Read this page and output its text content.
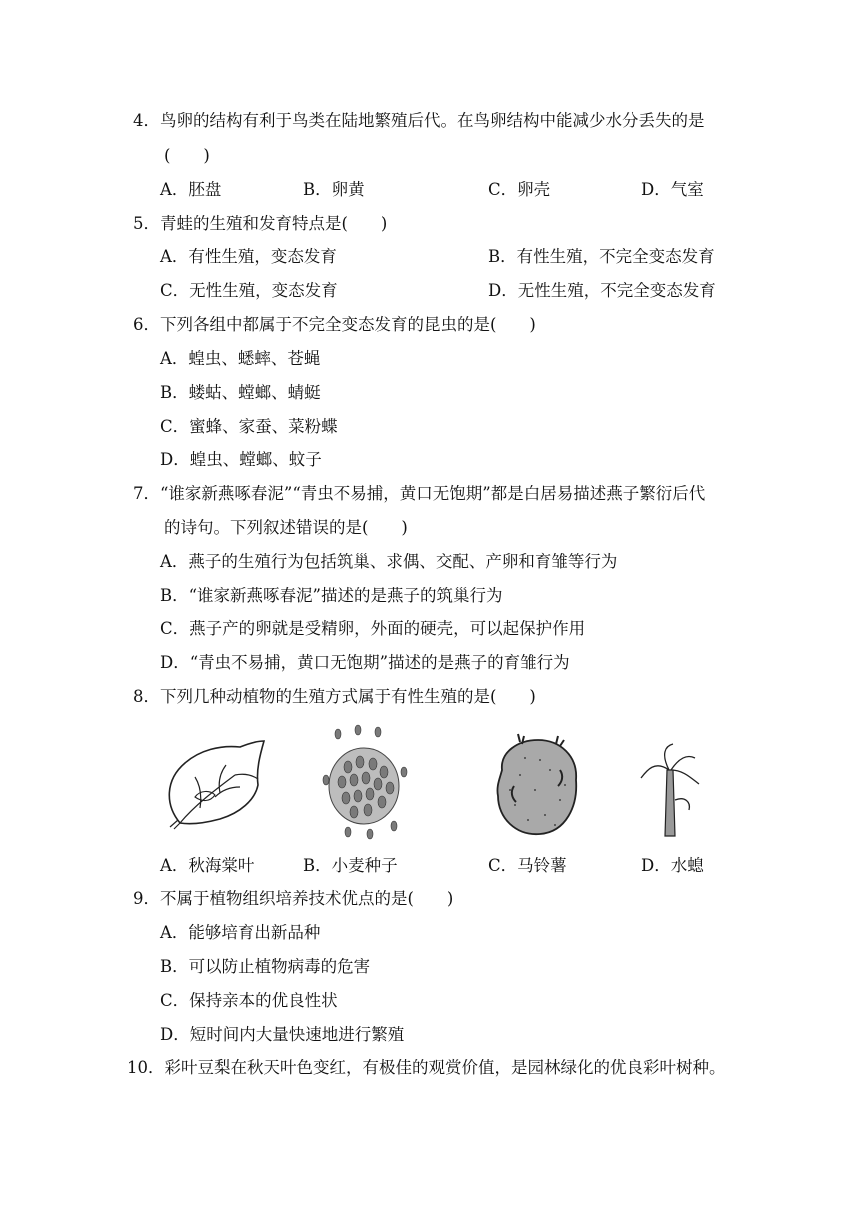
4．鸟卵的结构有利于鸟类在陆地繁殖后代。在鸟卵结构中能减少水分丢失的是
(　　)
A．胚盘	B．卵黄	C．卵壳	D．气室
5．青蛙的生殖和发育特点是(　　)
A．有性生殖，变态发育	B．有性生殖，不完全变态发育
C．无性生殖，变态发育	D．无性生殖，不完全变态发育
6．下列各组中都属于不完全变态发育的昆虫的是(　　)
A．蝗虫、蟋蟀、苍蝇
B．蝼蛄、螳螂、蜻蜓
C．蜜蜂、家蚕、菜粉蝶
D．蝗虫、螳螂、蚊子
7．“谁家新燕啄春泥”“青虫不易捕，黄口无饱期”都是白居易描述燕子繁衍后代
的诗句。下列叙述错误的是(　　)
A．燕子的生殖行为包括筑巢、求偶、交配、产卵和育雏等行为
B．“谁家新燕啄春泥”描述的是燕子的筑巢行为
C．燕子产的卵就是受精卵，外面的硬壳，可以起保护作用
D．“青虫不易捕，黄口无饱期”描述的是燕子的育雏行为
8．下列几种动植物的生殖方式属于有性生殖的是(　　)
A．秋海棠叶	B．小麦种子	C．马铃薯	D．水螅
9．不属于植物组织培养技术优点的是(　　)
A．能够培育出新品种
B．可以防止植物病毒的危害
C．保持亲本的优良性状
D．短时间内大量快速地进行繁殖
10．彩叶豆梨在秋天叶色变红，有极佳的观赏价值，是园林绿化的优良彩叶树种。
